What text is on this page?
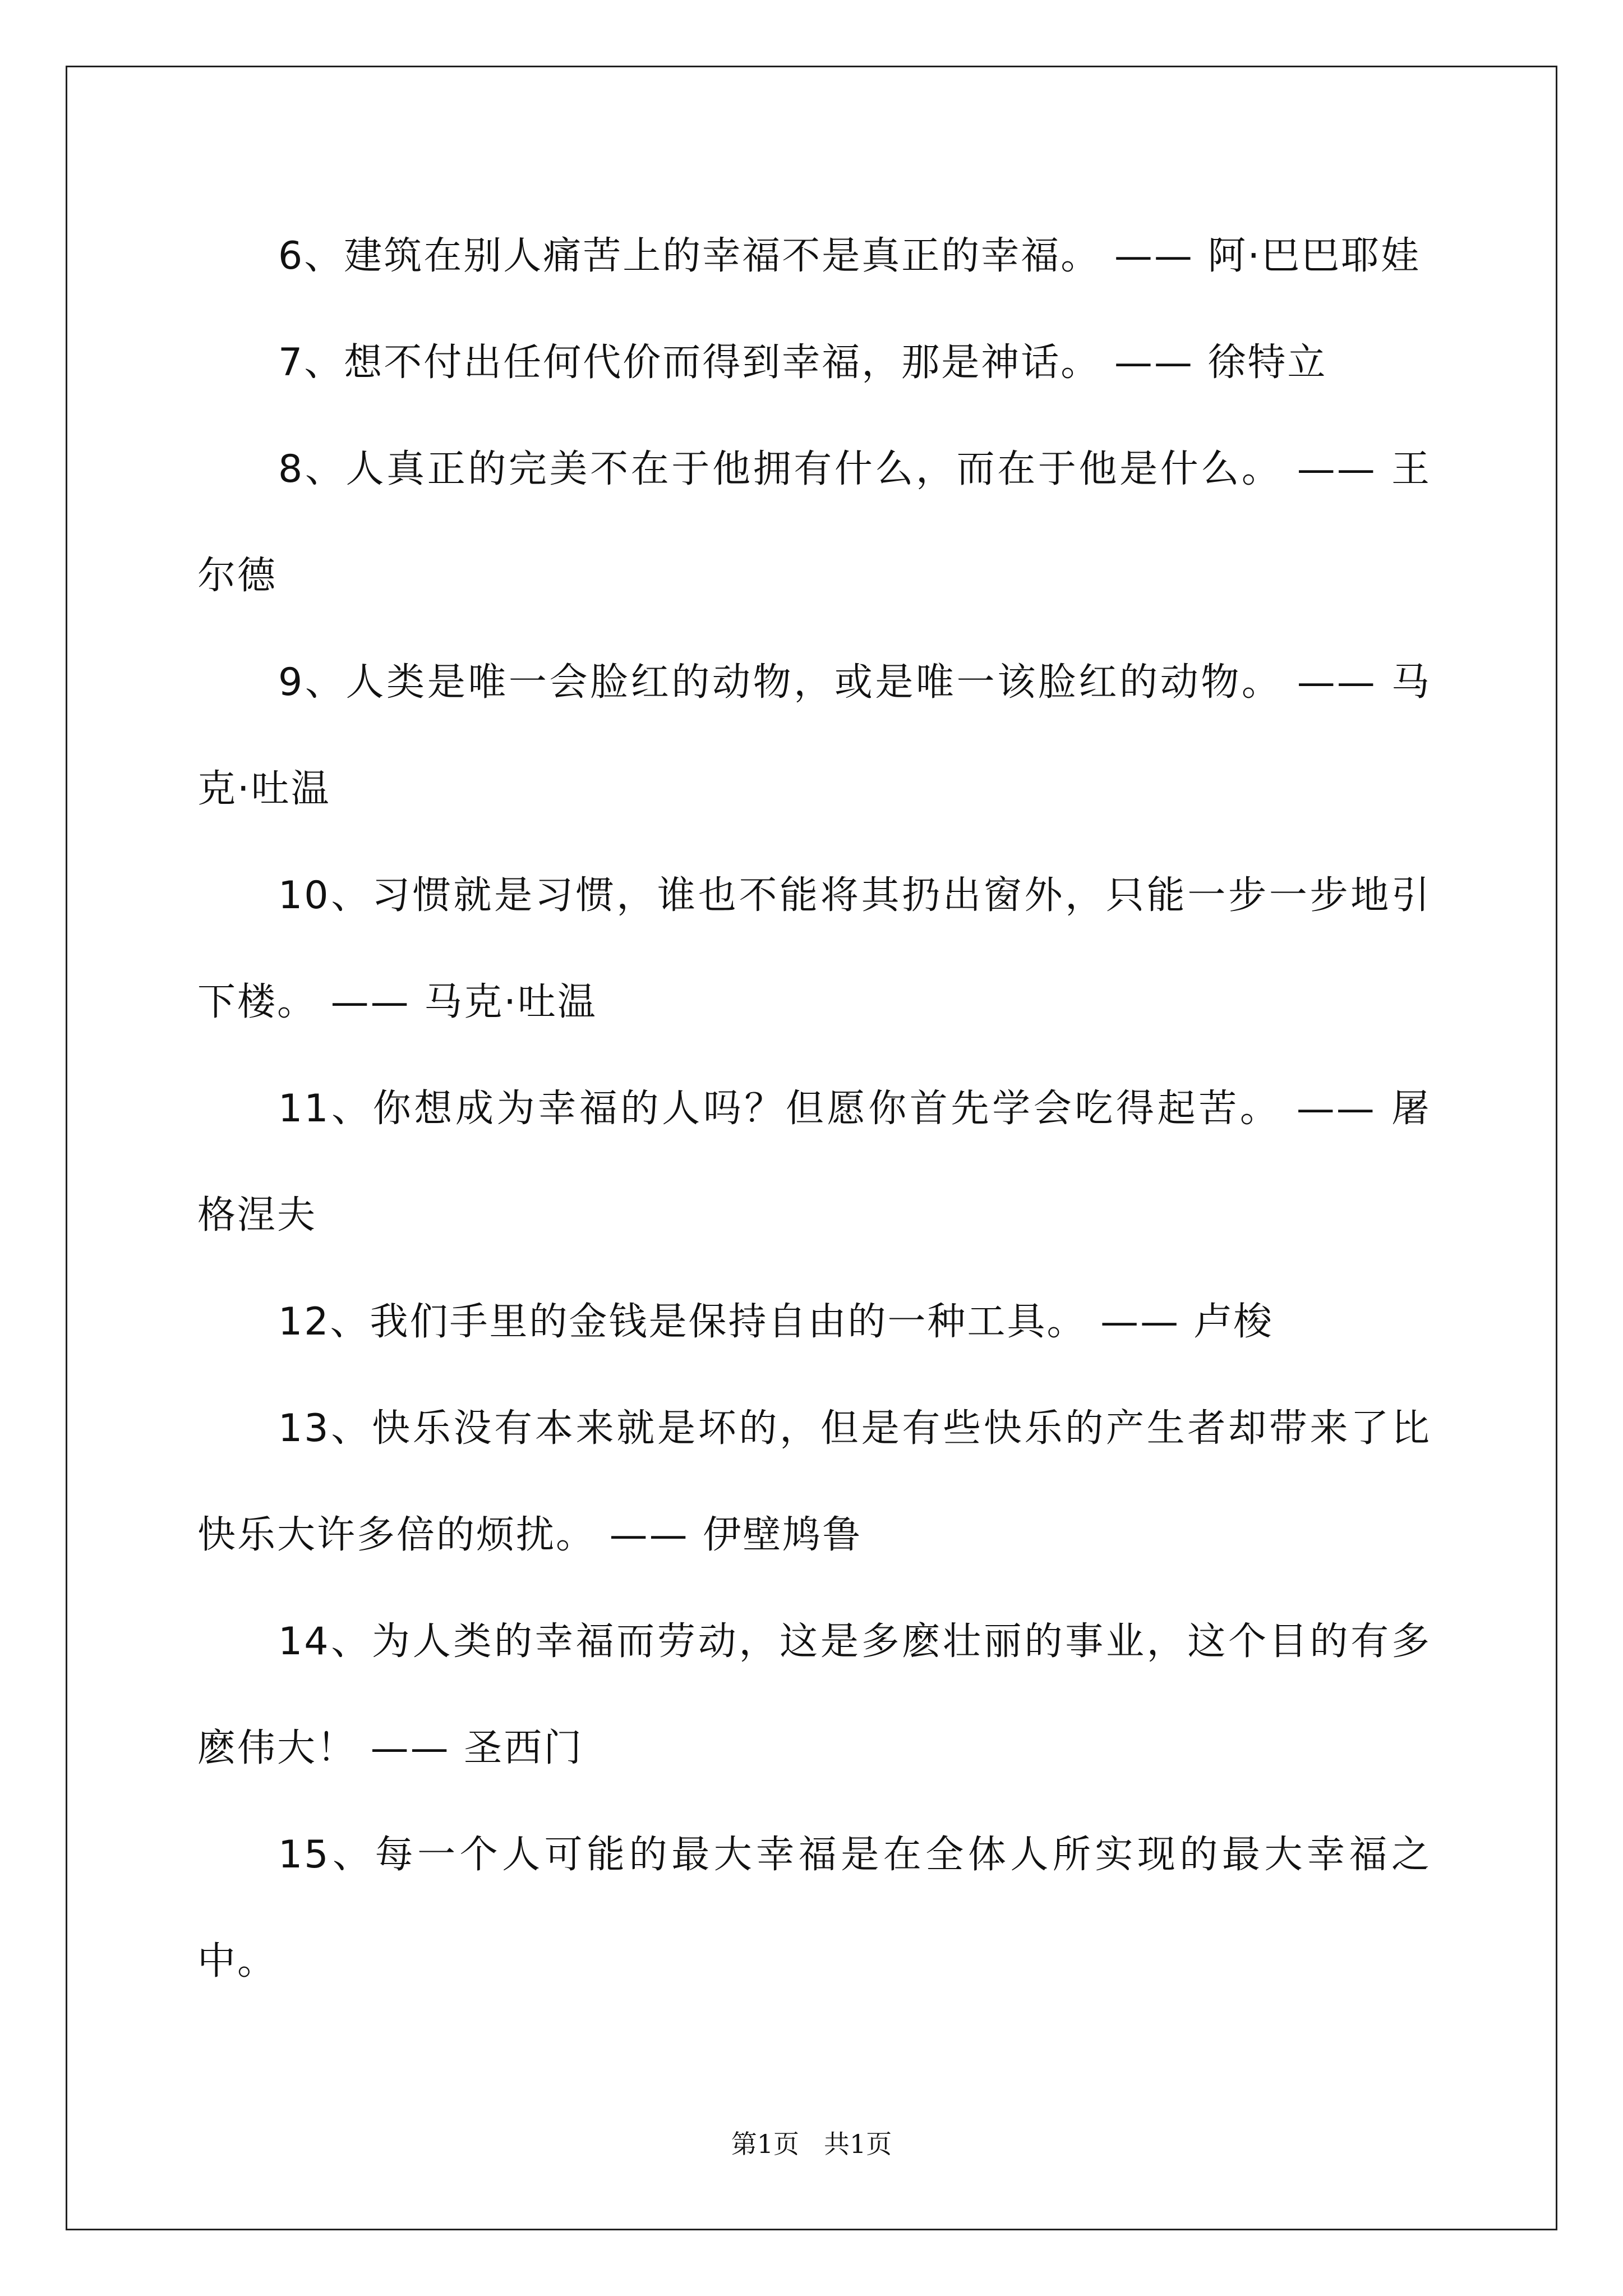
6、建筑在别人痛苦上的幸福不是真正的幸福。 —— 阿·巴巴耶娃

7、想不付出任何代价而得到幸福，那是神话。 —— 徐特立

8、人真正的完美不在于他拥有什么，而在于他是什么。 —— 王尔德

9、人类是唯一会脸红的动物，或是唯一该脸红的动物。 —— 马克·吐温

10、习惯就是习惯，谁也不能将其扔出窗外，只能一步一步地引下楼。 —— 马克·吐温

11、你想成为幸福的人吗？但愿你首先学会吃得起苦。 —— 屠格涅夫

12、我们手里的金钱是保持自由的一种工具。 —— 卢梭

13、快乐没有本来就是坏的，但是有些快乐的产生者却带来了比快乐大许多倍的烦扰。 —— 伊壁鸠鲁

14、为人类的幸福而劳动，这是多麽壮丽的事业，这个目的有多麽伟大！ —— 圣西门

15、每一个人可能的最大幸福是在全体人所实现的最大幸福之中。

第1页 共1页
